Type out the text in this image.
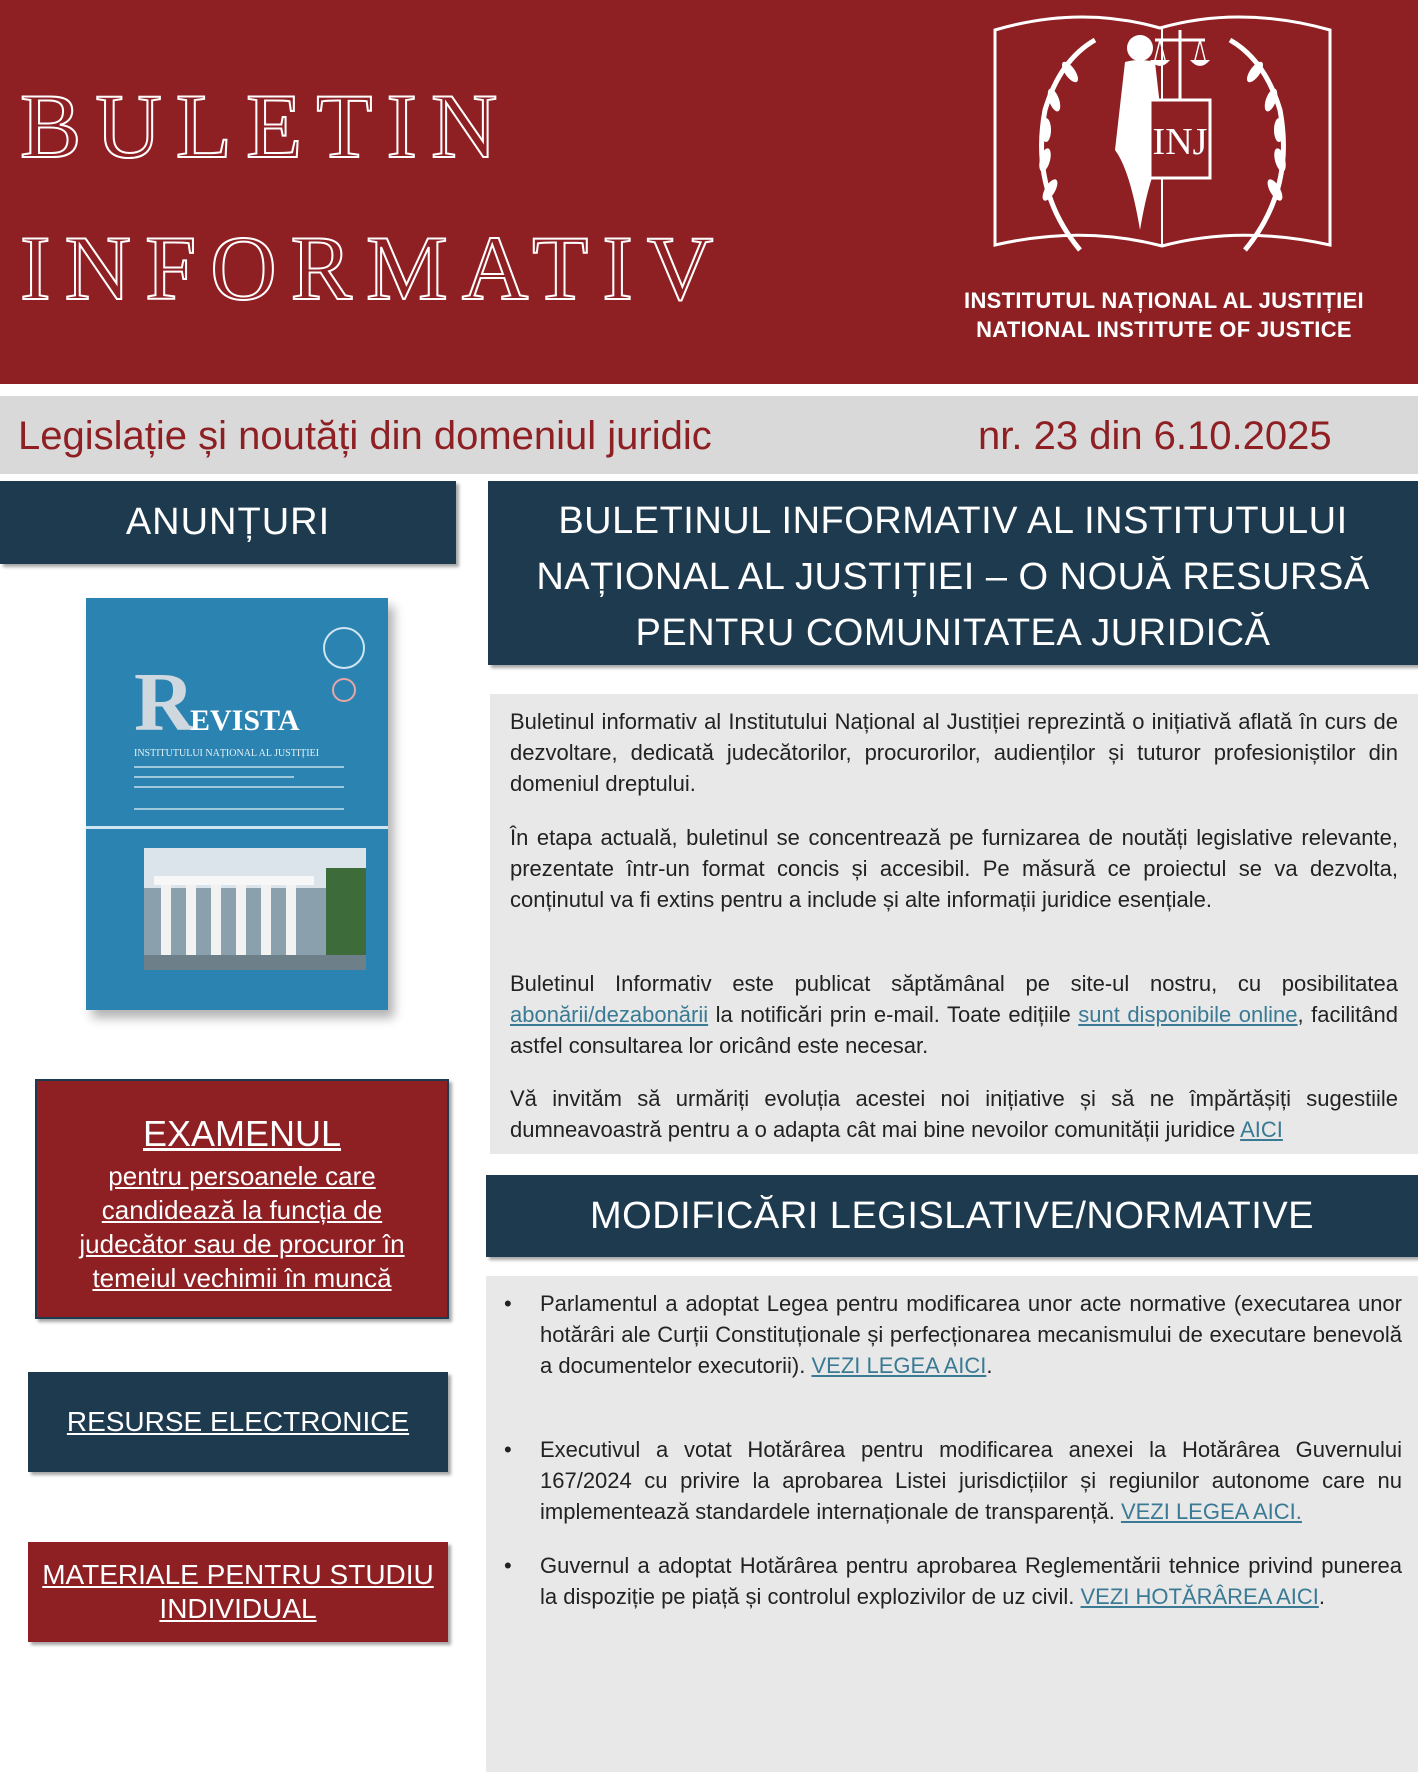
BULETIN
INFORMATIV
INJ
INSTITUTUL NAȚIONAL AL JUSTIȚIEI
NATIONAL INSTITUTE OF JUSTICE
Legislație și noutăți din domeniul juridic	nr. 23 din 6.10.2025
ANUNȚURI
R
EVISTA
INSTITUTULUI NAȚIONAL AL JUSTIȚIEI
EXAMENUL
pentru persoanele care candidează la funcția de judecător sau de procuror în temeiul vechimii în muncă
RESURSE ELECTRONICE
MATERIALE PENTRU STUDIU INDIVIDUAL
BULETINUL INFORMATIV AL INSTITUTULUI NAȚIONAL AL JUSTIȚIEI – O NOUĂ RESURSĂ PENTRU COMUNITATEA JURIDICĂ

Buletinul informativ al Institutului Național al Justiției reprezintă o inițiativă aflată în curs de dezvoltare, dedicată judecătorilor, procurorilor, audienților și tuturor profesioniștilor din domeniul dreptului.

În etapa actuală, buletinul se concentrează pe furnizarea de noutăți legislative relevante, prezentate într-un format concis și accesibil. Pe măsură ce proiectul se va dezvolta, conținutul va fi extins pentru a include și alte informații juridice esențiale.

Buletinul Informativ este publicat săptămânal pe site-ul nostru, cu posibilitatea abonării/dezabonării la notificări prin e-mail. Toate edițiile sunt disponibile online, facilitând astfel consultarea lor oricând este necesar.

Vă invităm să urmăriți evoluția acestei noi inițiative și să ne împărtășiți sugestiile dumneavoastră pentru a o adapta cât mai bine nevoilor comunității juridice AICI

MODIFICĂRI LEGISLATIVE/NORMATIVE
• Parlamentul a adoptat Legea pentru modificarea unor acte normative (executarea unor hotărâri ale Curții Constituționale și perfecționarea mecanismului de executare benevolă a documentelor executorii). VEZI LEGEA AICI.
• Executivul a votat Hotărârea pentru modificarea anexei la Hotărârea Guvernului 167/2024 cu privire la aprobarea Listei jurisdicțiilor și regiunilor autonome care nu implementează standardele internaționale de transparență. VEZI LEGEA AICI.
• Guvernul a adoptat Hotărârea pentru aprobarea Reglementării tehnice privind punerea la dispoziție pe piață și controlul explozivilor de uz civil. VEZI HOTĂRÂREA AICI.
